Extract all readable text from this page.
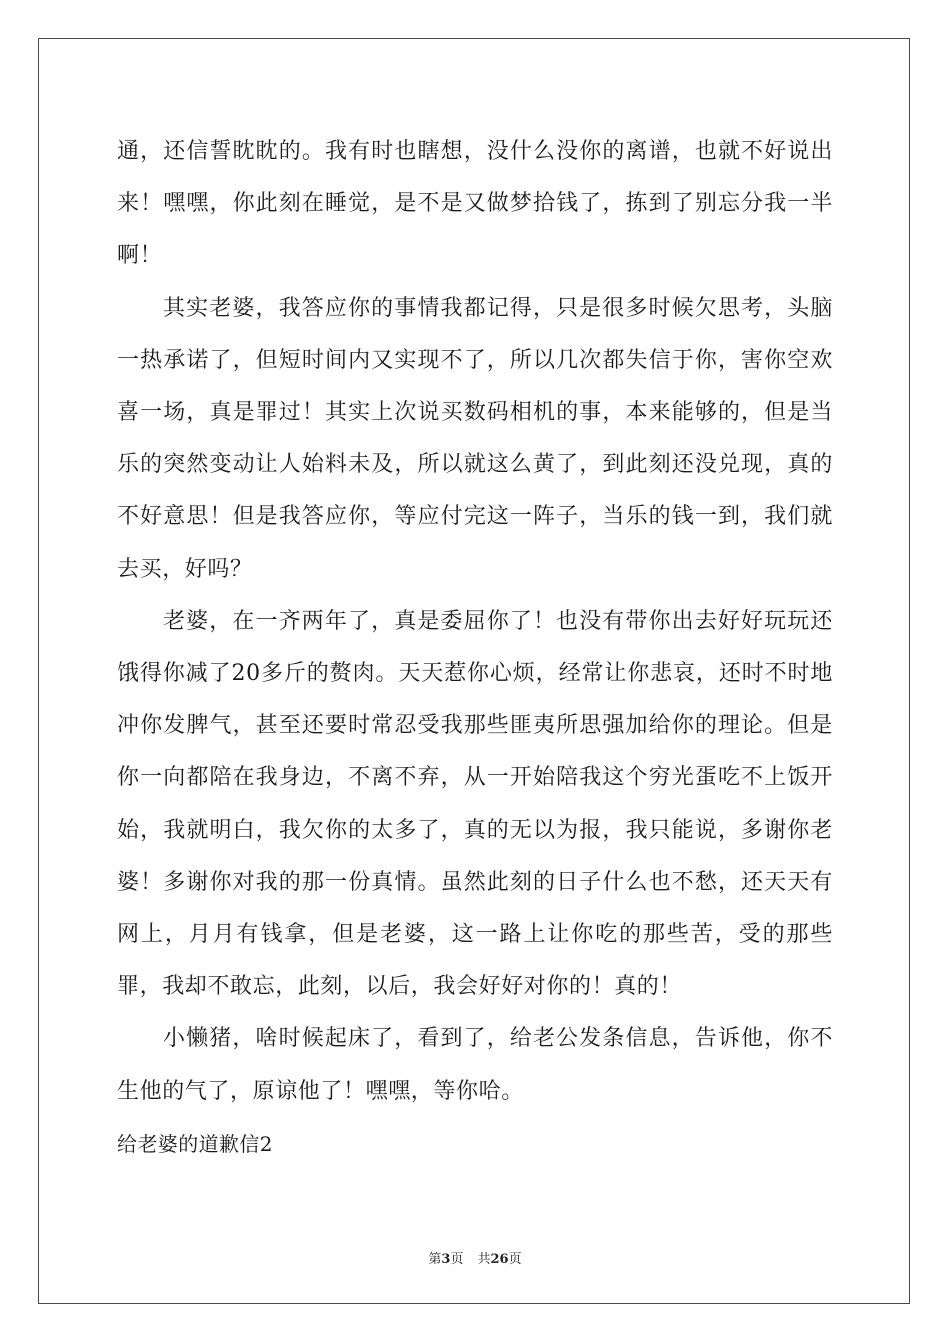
通，还信誓眈眈的。我有时也瞎想，没什么没你的离谱，也就不好说出来！嘿嘿，你此刻在睡觉，是不是又做梦拾钱了，拣到了别忘分我一半啊！

其实老婆，我答应你的事情我都记得，只是很多时候欠思考，头脑一热承诺了，但短时间内又实现不了，所以几次都失信于你，害你空欢喜一场，真是罪过！其实上次说买数码相机的事，本来能够的，但是当乐的突然变动让人始料未及，所以就这么黄了，到此刻还没兑现，真的不好意思！但是我答应你，等应付完这一阵子，当乐的钱一到，我们就去买，好吗？

老婆，在一齐两年了，真是委屈你了！也没有带你出去好好玩玩还饿得你减了20多斤的赘肉。天天惹你心烦，经常让你悲哀，还时不时地冲你发脾气，甚至还要时常忍受我那些匪夷所思强加给你的理论。但是你一向都陪在我身边，不离不弃，从一开始陪我这个穷光蛋吃不上饭开始，我就明白，我欠你的太多了，真的无以为报，我只能说，多谢你老婆！多谢你对我的那一份真情。虽然此刻的日子什么也不愁，还天天有网上，月月有钱拿，但是老婆，这一路上让你吃的那些苦，受的那些罪，我却不敢忘，此刻，以后，我会好好对你的！真的！

小懒猪，啥时候起床了，看到了，给老公发条信息，告诉他，你不生他的气了，原谅他了！嘿嘿，等你哈。

给老婆的道歉信2

第3页 共26页
